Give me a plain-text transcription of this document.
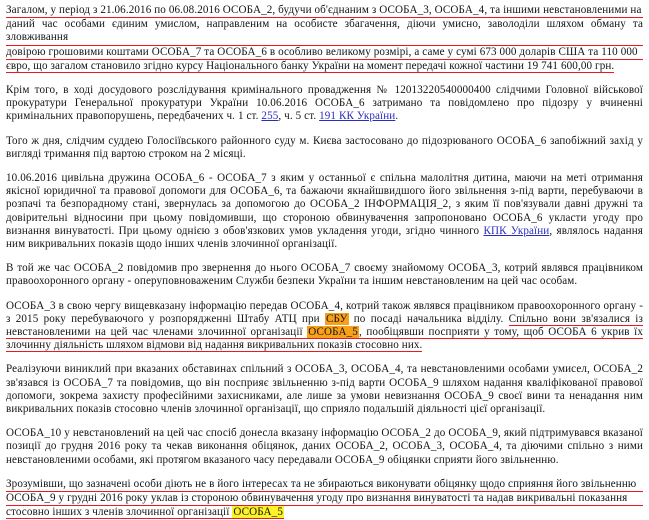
Загалом, у період з 21.06.2016 по 06.08.2016 ОСОБА_2, будучи об'єднаним з ОСОБА_3, ОСОБА_4, та іншими невстановленими на
даний час особами єдиним умислом, направленим на особисте збагачення, діючи умисно, заволоділи шляхом обману та зловживання
довірою грошовими коштами ОСОБА_7 та ОСОБА_6 в особливо великому розмірі, а саме у сумі 673 000 доларів США та 110 000
євро, що загалом становило згідно курсу Національного банку України на момент передачі кожної частини 19 741 600,00 грн.

Крім того, в ході досудового розслідування кримінального провадження № 12013220540000400 слідчими Головної військової прокуратури Генеральної прокуратури України 10.06.2016 ОСОБА_6 затримано та повідомлено про підозру у вчиненні кримінальних правопорушень, передбачених ч. 1 ст. 255, ч. 5 ст. 191 КК України.

Того ж дня, слідчим суддею Голосіївського районного суду м. Києва застосовано до підозрюваного ОСОБА_6 запобіжний захід у вигляді тримання під вартою строком на 2 місяці.

10.06.2016 цивільна дружина ОСОБА_6 - ОСОБА_7 з яким у останньої є спільна малолітня дитина, маючи на меті отримання якісної юридичної та правової допомоги для ОСОБА_6, та бажаючи якнайшвидшого його звільнення з-під варти, перебуваючи в розпачі та безпорадному стані, звернулась за допомогою до ОСОБА_2 ІНФОРМАЦІЯ_2, з яким її пов'язували давні дружні та довірительні відносини при цьому повідомивши, що стороною обвинувачення запропоновано ОСОБА_6 укласти угоду про визнання винуватості. При цьому однією з обов'язкових умов укладення угоди, згідно чинного КПК України, являлось надання ним викривальних показів щодо інших членів злочинної організації.

В той же час ОСОБА_2 повідомив про звернення до нього ОСОБА_7 своєму знайомому ОСОБА_3, котрий являвся працівником правоохоронного органу - оперуповноваженим Служби безпеки України та іншим невстановленим на цей час особам.

ОСОБА_3 в свою чергу вищевказану інформацію передав ОСОБА_4, котрий також являвся працівником правоохоронного органу - з 2015 року перебуваючого у розпорядженні Штабу АТЦ при СБУ по посаді начальника відділу. Спільно вони зв'язалися із невстановленими на цей час членами злочинної організації ОСОБА_5, пообіцявши посприяти у тому, щоб ОСОБА 6 укрив їх злочинну діяльність шляхом відмови від надання викривальних показів стосовно них.

Реалізуючи виниклий при вказаних обставинах спільний з ОСОБА_3, ОСОБА_4, та невстановленими особами умисел, ОСОБА_2 зв'язався із ОСОБА_7 та повідомив, що він посприяє звільненню з-під варти ОСОБА_9 шляхом надання кваліфікованої правової допомоги, зокрема захисту професійними захисниками, але лише за умови невизнання ОСОБА_9 своєї вини та ненадання ним викривальних показів стосовно членів злочинної організації, що сприяло подальшій діяльності цієї організації.

ОСОБА_10 у невстановлений на цей час спосіб донесла вказану інформацію ОСОБА_2 до ОСОБА_9, який підтримувався вказаної позиції до грудня 2016 року та чекав виконання обіцянок, даних ОСОБА_2, ОСОБА_3, ОСОБА_4, та діючими спільно з ними невстановленими особами, які протягом вказаного часу передавали ОСОБА_9 обіцянки сприяти його звільненню.

Зрозумівши, що зазначені особи діють не в його інтересах та не збираються виконувати обіцянку щодо сприяння його звільненню
ОСОБА_9 у грудні 2016 року уклав із стороною обвинувачення угоду про визнання винуватості та надав викривальні показання
стосовно інших з членів злочинної організації ОСОБА_5
